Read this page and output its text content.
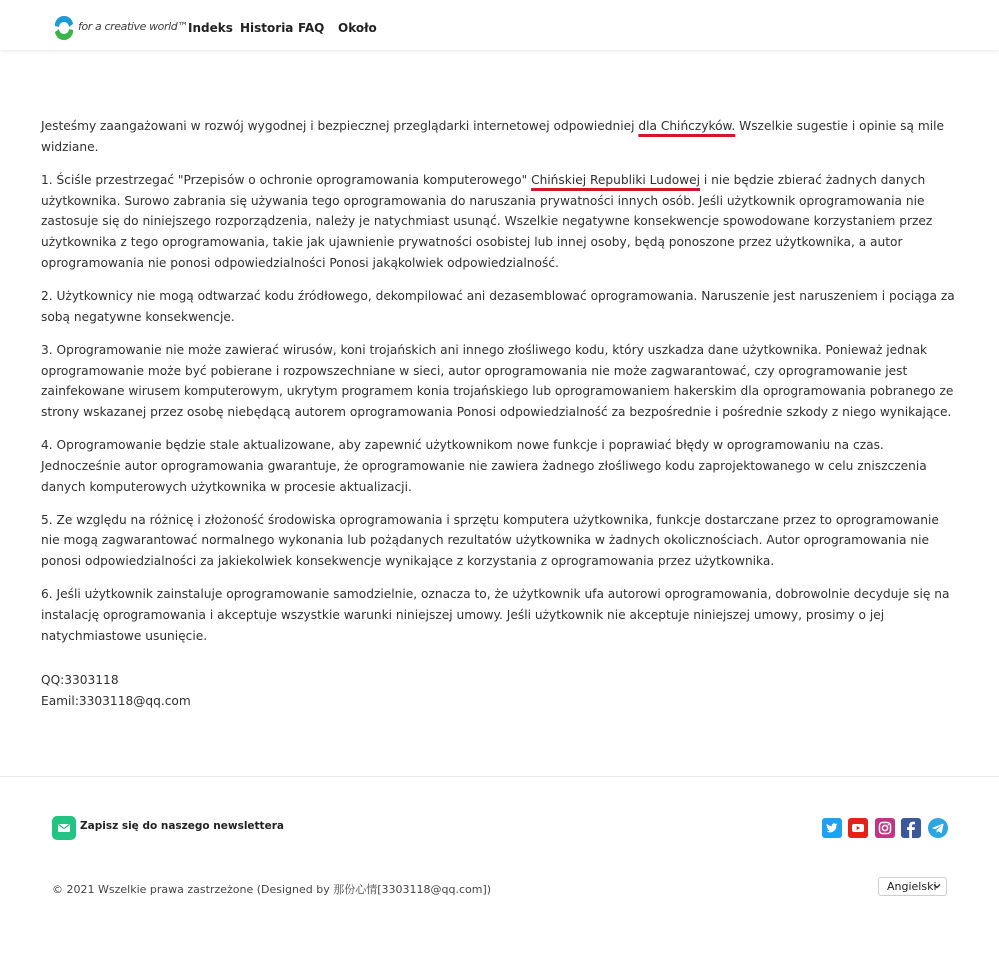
for a creative world™ Indeks Historia FAQ Około

Jesteśmy zaangażowani w rozwój wygodnej i bezpiecznej przeglądarki internetowej odpowiedniej dla Chińczyków. Wszelkie sugestie i opinie są mile widziane.

1. Ściśle przestrzegać "Przepisów o ochronie oprogramowania komputerowego" Chińskiej Republiki Ludowej i nie będzie zbierać żadnych danych użytkownika. Surowo zabrania się używania tego oprogramowania do naruszania prywatności innych osób. Jeśli użytkownik oprogramowania nie zastosuje się do niniejszego rozporządzenia, należy je natychmiast usunąć. Wszelkie negatywne konsekwencje spowodowane korzystaniem przez użytkownika z tego oprogramowania, takie jak ujawnienie prywatności osobistej lub innej osoby, będą ponoszone przez użytkownika, a autor oprogramowania nie ponosi odpowiedzialności Ponosi jakąkolwiek odpowiedzialność.

2. Użytkownicy nie mogą odtwarzać kodu źródłowego, dekompilować ani dezasemblować oprogramowania. Naruszenie jest naruszeniem i pociąga za sobą negatywne konsekwencje.

3. Oprogramowanie nie może zawierać wirusów, koni trojańskich ani innego złośliwego kodu, który uszkadza dane użytkownika. Ponieważ jednak oprogramowanie może być pobierane i rozpowszechniane w sieci, autor oprogramowania nie może zagwarantować, czy oprogramowanie jest zainfekowane wirusem komputerowym, ukrytym programem konia trojańskiego lub oprogramowaniem hakerskim dla oprogramowania pobranego ze strony wskazanej przez osobę niebędącą autorem oprogramowania Ponosi odpowiedzialność za bezpośrednie i pośrednie szkody z niego wynikające.

4. Oprogramowanie będzie stale aktualizowane, aby zapewnić użytkownikom nowe funkcje i poprawiać błędy w oprogramowaniu na czas. Jednocześnie autor oprogramowania gwarantuje, że oprogramowanie nie zawiera żadnego złośliwego kodu zaprojektowanego w celu zniszczenia danych komputerowych użytkownika w procesie aktualizacji.

5. Ze względu na różnicę i złożoność środowiska oprogramowania i sprzętu komputera użytkownika, funkcje dostarczane przez to oprogramowanie nie mogą zagwarantować normalnego wykonania lub pożądanych rezultatów użytkownika w żadnych okolicznościach. Autor oprogramowania nie ponosi odpowiedzialności za jakiekolwiek konsekwencje wynikające z korzystania z oprogramowania przez użytkownika.

6. Jeśli użytkownik zainstaluje oprogramowanie samodzielnie, oznacza to, że użytkownik ufa autorowi oprogramowania, dobrowolnie decyduje się na instalację oprogramowania i akceptuje wszystkie warunki niniejszej umowy. Jeśli użytkownik nie akceptuje niniejszej umowy, prosimy o jej natychmiastowe usunięcie.

QQ:3303118
Eamil:3303118@qq.com
Zapisz się do naszego newslettera
© 2021 Wszelkie prawa zastrzeżone (Designed by 那份心情[3303118@qq.com])	Angielski
